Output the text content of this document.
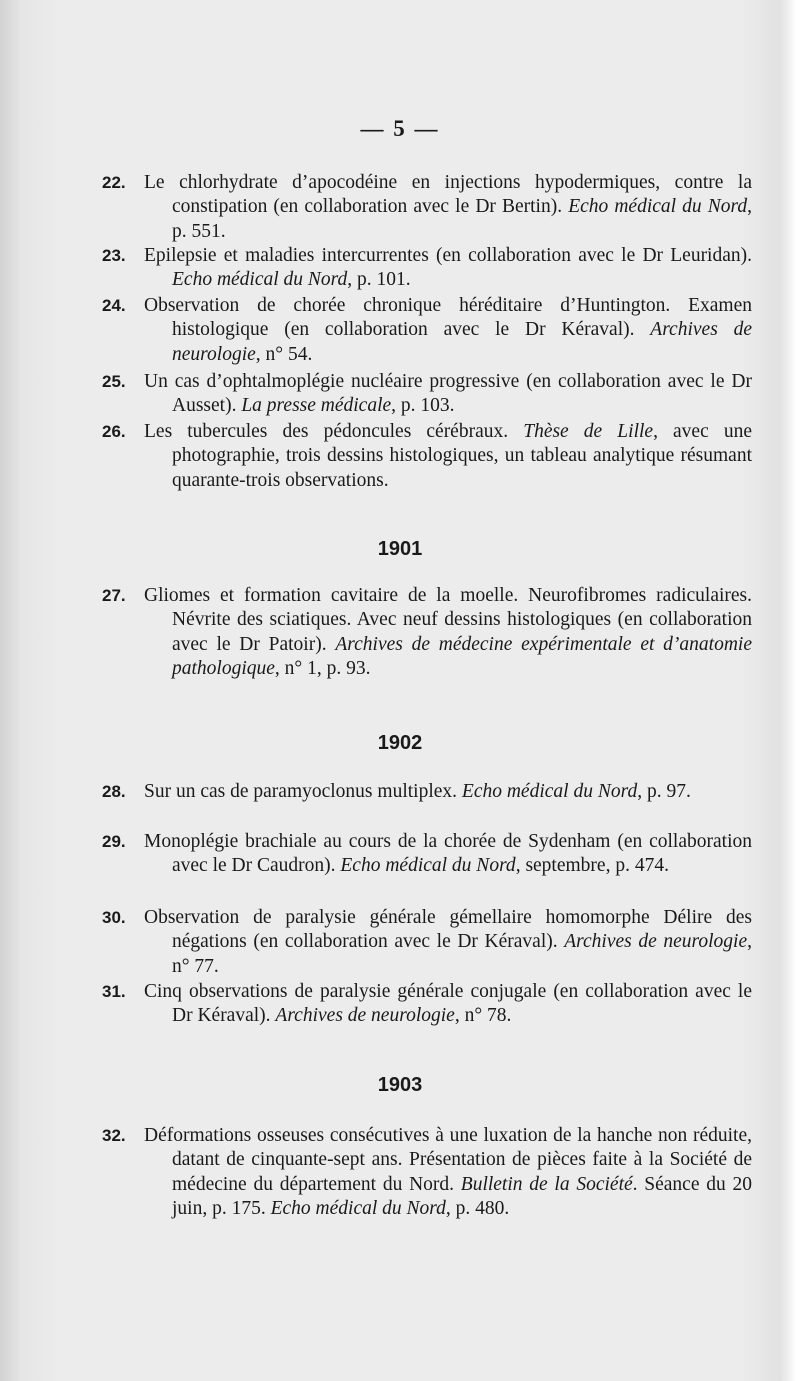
— 5 —
22. Le chlorhydrate d’apocodéine en injections hypodermiques, contre la constipation (en collaboration avec le Dr Bertin). Echo médical du Nord, p. 551.
23. Epilepsie et maladies intercurrentes (en collaboration avec le Dr Leuridan). Echo médical du Nord, p. 101.
24. Observation de chorée chronique héréditaire d’Huntington. Examen histologique (en collaboration avec le Dr Kéraval). Archives de neurologie, n° 54.
25. Un cas d’ophtalmoplégie nucléaire progressive (en collaboration avec le Dr Ausset). La presse médicale, p. 103.
26. Les tubercules des pédoncules cérébraux. Thèse de Lille, avec une photographie, trois dessins histologiques, un tableau analytique résumant quarante-trois observations.
1901
27. Gliomes et formation cavitaire de la moelle. Neurofibromes radiculaires. Névrite des sciatiques. Avec neuf dessins histologiques (en collaboration avec le Dr Patoir). Archives de médecine expérimentale et d’anatomie pathologique, n° 1, p. 93.
1902
28. Sur un cas de paramyoclonus multiplex. Echo médical du Nord, p. 97.
29. Monoplégie brachiale au cours de la chorée de Sydenham (en collaboration avec le Dr Caudron). Echo médical du Nord, septembre, p. 474.
30. Observation de paralysie générale gémellaire homomorphe Délire des négations (en collaboration avec le Dr Kéraval). Archives de neurologie, n° 77.
31. Cinq observations de paralysie générale conjugale (en collaboration avec le Dr Kéraval). Archives de neurologie, n° 78.
1903
32. Déformations osseuses consécutives à une luxation de la hanche non réduite, datant de cinquante-sept ans. Présentation de pièces faite à la Société de médecine du département du Nord. Bulletin de la Société. Séance du 20 juin, p. 175. Echo médical du Nord, p. 480.
